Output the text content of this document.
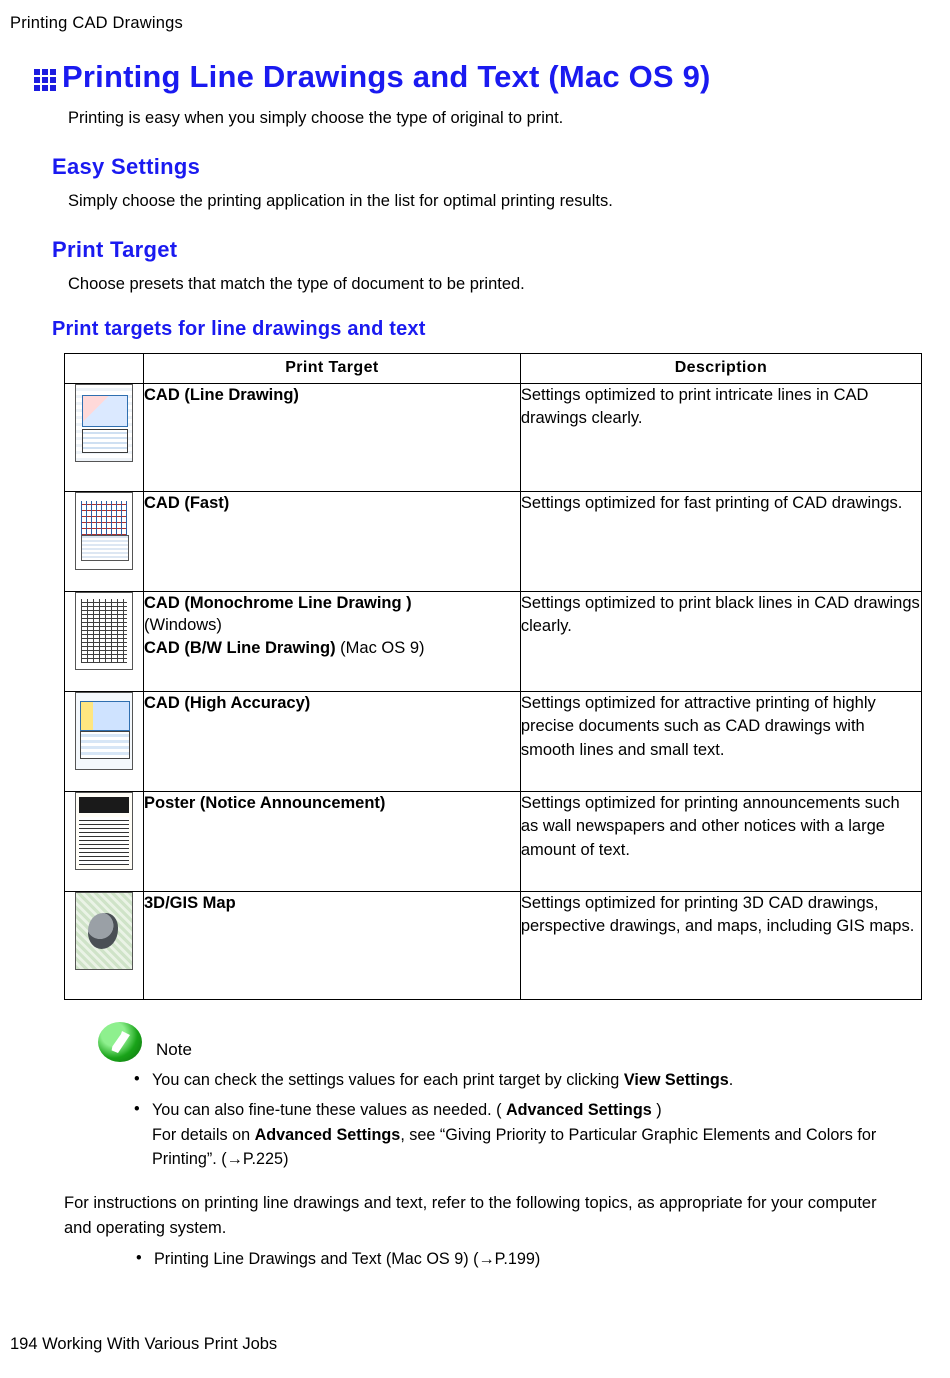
Printing CAD Drawings
Printing Line Drawings and Text (Mac OS 9)

Printing is easy when you simply choose the type of original to print.

Easy Settings

Simply choose the printing application in the list for optimal printing results.

Print Target

Choose presets that match the type of document to be printed.

Print targets for line drawings and text
	Print Target	Description
	CAD (Line Drawing)	Settings optimized to print intricate lines in CAD drawings clearly.
	CAD (Fast)	Settings optimized for fast printing of CAD drawings.
	CAD (Monochrome Line Drawing )
(Windows)
CAD (B/W Line Drawing) (Mac OS 9)	Settings optimized to print black lines in CAD drawings clearly.
	CAD (High Accuracy)	Settings optimized for attractive printing of highly precise documents such as CAD drawings with smooth lines and small text.
	Poster (Notice Announcement)	Settings optimized for printing announcements such as wall newspapers and other notices with a large amount of text.
	3D/GIS Map	Settings optimized for printing 3D CAD drawings, perspective drawings, and maps, including GIS maps.
Note
• You can check the settings values for each print target by clicking View Settings.
• You can also fine-tune these values as needed. ( Advanced Settings )
For details on Advanced Settings, see “Giving Priority to Particular Graphic Elements and Colors for Printing”. (→P.225)

For instructions on printing line drawings and text, refer to the following topics, as appropriate for your computer and operating system.

• Printing Line Drawings and Text (Mac OS 9) (→P.199)
194 Working With Various Print Jobs
